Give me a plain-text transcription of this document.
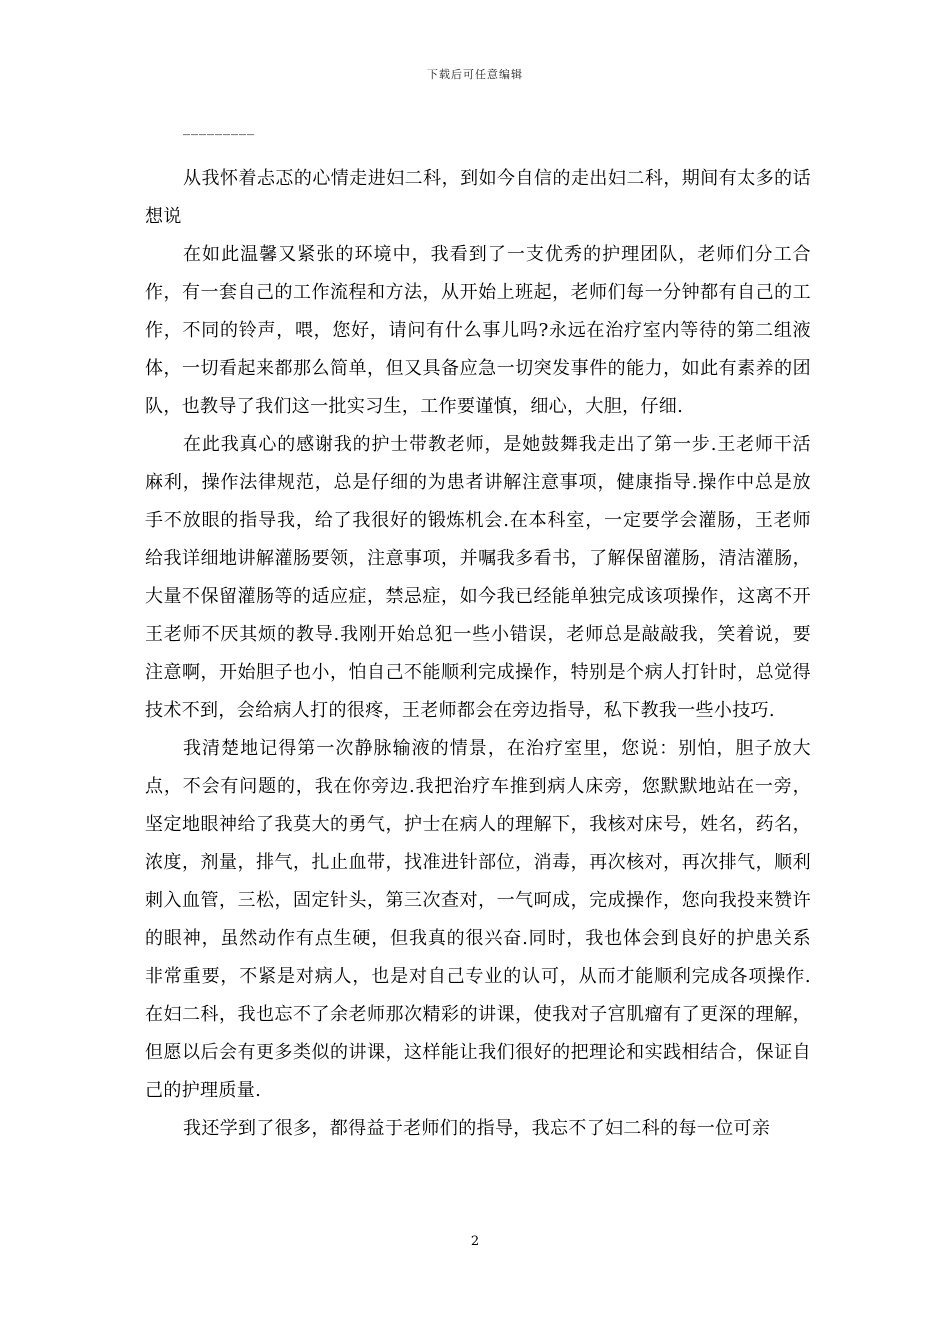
下载后可任意编辑
_________

从我怀着忐忑的心情走进妇二科，到如今自信的走出妇二科，期间有太多的话想说

在如此温馨又紧张的环境中，我看到了一支优秀的护理团队，老师们分工合作，有一套自己的工作流程和方法，从开始上班起，老师们每一分钟都有自己的工作，不同的铃声，喂，您好，请问有什么事儿吗?永远在治疗室内等待的第二组液体，一切看起来都那么简单，但又具备应急一切突发事件的能力，如此有素养的团队，也教导了我们这一批实习生，工作要谨慎，细心，大胆，仔细.

在此我真心的感谢我的护士带教老师，是她鼓舞我走出了第一步.王老师干活麻利，操作法律规范，总是仔细的为患者讲解注意事项，健康指导.操作中总是放手不放眼的指导我，给了我很好的锻炼机会.在本科室，一定要学会灌肠，王老师给我详细地讲解灌肠要领，注意事项，并嘱我多看书，了解保留灌肠，清洁灌肠，大量不保留灌肠等的适应症，禁忌症，如今我已经能单独完成该项操作，这离不开王老师不厌其烦的教导.我刚开始总犯一些小错误，老师总是敲敲我，笑着说，要注意啊，开始胆子也小，怕自己不能顺利完成操作，特别是个病人打针时，总觉得技术不到，会给病人打的很疼，王老师都会在旁边指导，私下教我一些小技巧.

我清楚地记得第一次静脉输液的情景，在治疗室里，您说：别怕，胆子放大点，不会有问题的，我在你旁边.我把治疗车推到病人床旁，您默默地站在一旁，坚定地眼神给了我莫大的勇气，护士在病人的理解下，我核对床号，姓名，药名，浓度，剂量，排气，扎止血带，找准进针部位，消毒，再次核对，再次排气，顺利刺入血管，三松，固定针头，第三次查对，一气呵成，完成操作，您向我投来赞许的眼神，虽然动作有点生硬，但我真的很兴奋.同时，我也体会到良好的护患关系非常重要，不紧是对病人，也是对自己专业的认可，从而才能顺利完成各项操作.在妇二科，我也忘不了余老师那次精彩的讲课，使我对子宫肌瘤有了更深的理解，但愿以后会有更多类似的讲课，这样能让我们很好的把理论和实践相结合，保证自己的护理质量.

我还学到了很多，都得益于老师们的指导，我忘不了妇二科的每一位可亲

2
